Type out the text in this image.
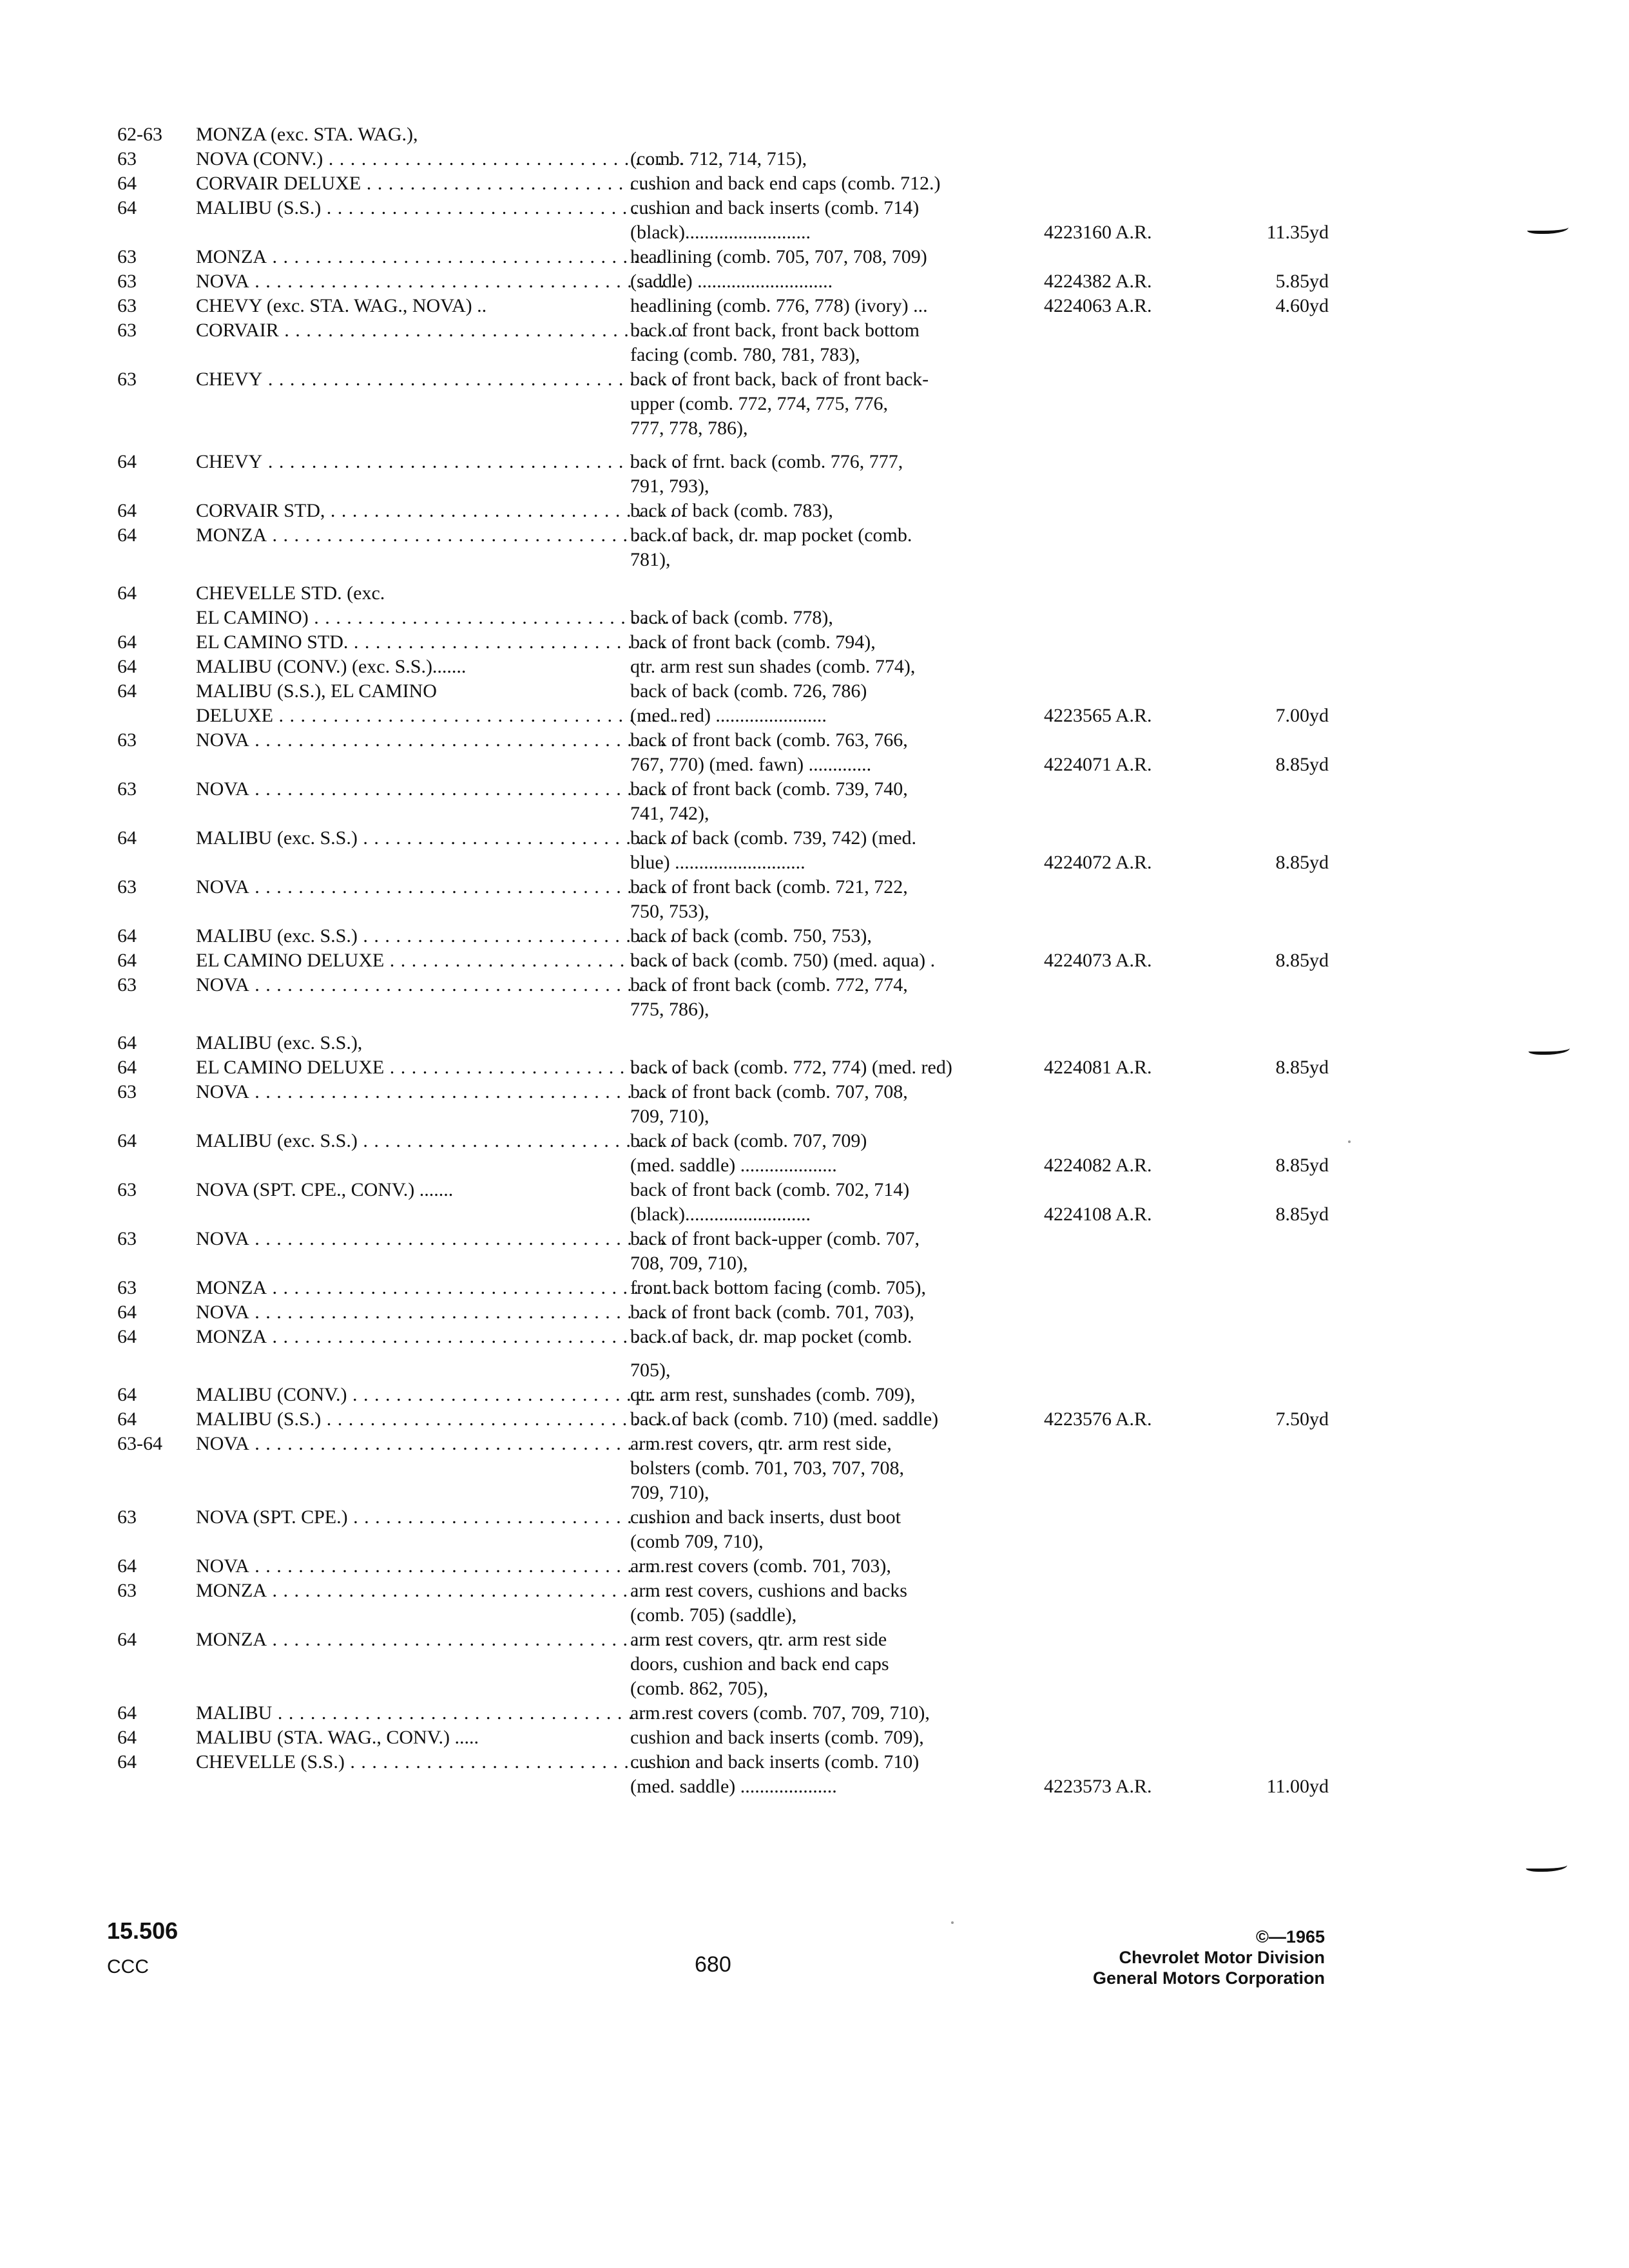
62-63 MONZA (exc. STA. WAG.),
63	NOVA (CONV.) . . .	(comb. 712, 714, 715),
64	CORVAIR DELUXE . . .	cushion and back end caps (comb. 712.)
64	MALIBU (S.S.) . . .	cushion and back inserts (comb. 714)
(black)..........................	4223160 A.R.	11.35yd
63	MONZA . . .	headlining (comb. 705, 707, 708, 709)
63	NOVA . . .	(saddle) ............................	4224382 A.R.	5.85yd
63	CHEVY (exc. STA. WAG., NOVA) ..	headlining (comb. 776, 778) (ivory) ...	4224063 A.R.	4.60yd
63	CORVAIR . . .	back of front back, front back bottom
facing (comb. 780, 781, 783),
63	CHEVY . . .	back of front back, back of front back-
upper (comb. 772, 774, 775, 776,
777, 778, 786),
64	CHEVY . . .	back of frnt. back (comb. 776, 777,
791, 793),
64	CORVAIR STD, . . .	back of back (comb. 783),
64	MONZA . . .	back of back, dr. map pocket (comb.
781),
64	CHEVELLE STD. (exc.
EL CAMINO) . . .	back of back (comb. 778),
64	EL CAMINO STD. . . .	back of front back (comb. 794),
64	MALIBU (CONV.) (exc. S.S.).......	qtr. arm rest sun shades (comb. 774),
64	MALIBU (S.S.), EL CAMINO	back of back (comb. 726, 786)
DELUXE . . .	(med. red) .......................	4223565 A.R.	7.00yd
63	NOVA . . .	back of front back (comb. 763, 766,
767, 770) (med. fawn) .............	4224071 A.R.	8.85yd
63	NOVA . . .	back of front back (comb. 739, 740,
741, 742),
64	MALIBU (exc. S.S.) . . .	back of back (comb. 739, 742) (med.
blue) ...........................	4224072 A.R.	8.85yd
63	NOVA . . .	back of front back (comb. 721, 722,
750, 753),
64	MALIBU (exc. S.S.) . . .	back of back (comb. 750, 753),
64	EL CAMINO DELUXE . . .	back of back (comb. 750) (med. aqua) .	4224073 A.R.	8.85yd
63	NOVA . . .	back of front back (comb. 772, 774,
775, 786),
64	MALIBU (exc. S.S.),
64	EL CAMINO DELUXE . . .	back of back (comb. 772, 774) (med. red)	4224081 A.R.	8.85yd
63	NOVA . . .	back of front back (comb. 707, 708,
709, 710),
64	MALIBU (exc. S.S.) . . .	back of back (comb. 707, 709)
(med. saddle) ....................	4224082 A.R.	8.85yd
63	NOVA (SPT. CPE., CONV.) .......	back of front back (comb. 702, 714)
(black)..........................	4224108 A.R.	8.85yd
63	NOVA . . .	back of front back-upper (comb. 707,
708, 709, 710),
63	MONZA . . .	front back bottom facing (comb. 705),
64	NOVA . . .	back of front back (comb. 701, 703),
64	MONZA . . .	back of back, dr. map pocket (comb.
705),
64	MALIBU (CONV.) . . .	qtr. arm rest, sunshades (comb. 709),
64	MALIBU (S.S.) . . .	back of back (comb. 710) (med. saddle)	4223576 A.R.	7.50yd
63-64 NOVA . . .	arm rest covers, qtr. arm rest side,
bolsters (comb. 701, 703, 707, 708,
709, 710),
63	NOVA (SPT. CPE.) . . .	cushion and back inserts, dust boot
(comb 709, 710),
64	NOVA . . .	arm rest covers (comb. 701, 703),
63	MONZA . . .	arm rest covers, cushions and backs
(comb. 705) (saddle),
64	MONZA . . .	arm rest covers, qtr. arm rest side
doors, cushion and back end caps
(comb. 862, 705),
64	MALIBU . . .	arm rest covers (comb. 707, 709, 710),
64	MALIBU (STA. WAG., CONV.) .....	cushion and back inserts (comb. 709),
64	CHEVELLE (S.S.) . . .	cushion and back inserts (comb. 710)
(med. saddle) ....................	4223573 A.R.	11.00yd
15.506
CCC	680
©—1965
Chevrolet Motor Division
General Motors Corporation
